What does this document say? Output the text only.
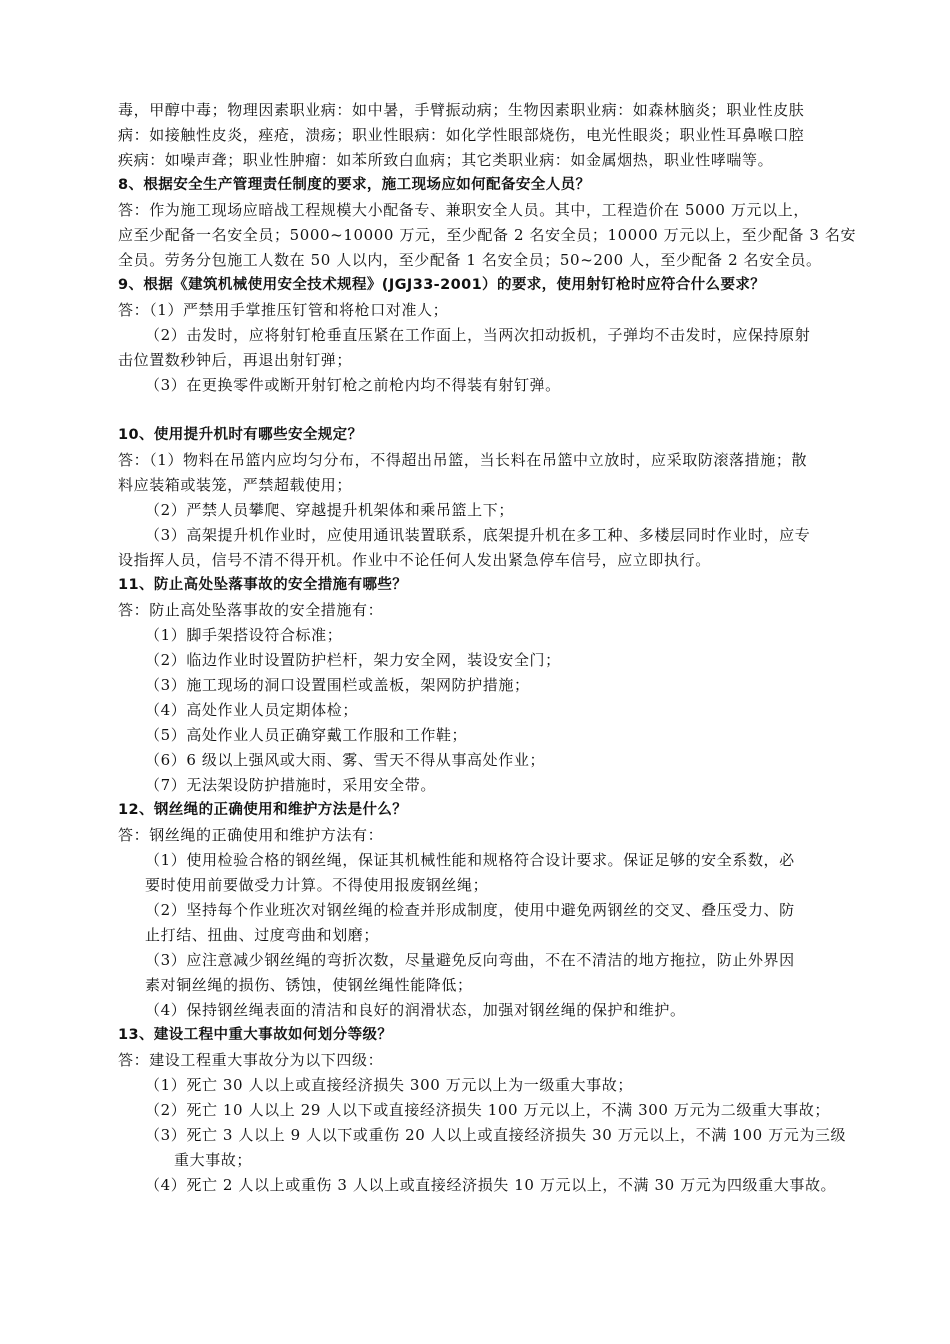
毒，甲醇中毒；物理因素职业病：如中暑，手臂振动病；生物因素职业病：如森林脑炎；职业性皮肤
病：如接触性皮炎，痤疮，溃疡；职业性眼病：如化学性眼部烧伤，电光性眼炎；职业性耳鼻喉口腔
疾病：如噪声聋；职业性肿瘤：如苯所致白血病；其它类职业病：如金属烟热，职业性哮喘等。
8、根据安全生产管理责任制度的要求，施工现场应如何配备安全人员？
答：作为施工现场应暗战工程规模大小配备专、兼职安全人员。其中，工程造价在 5000 万元以上，
应至少配备一名安全员；5000~10000 万元，至少配备 2 名安全员；10000 万元以上，至少配备 3 名安
全员。劳务分包施工人数在 50 人以内，至少配备 1 名安全员；50~200 人，至少配备 2 名安全员。
9、根据《建筑机械使用安全技术规程》(JGJ33-2001）的要求，使用射钉枪时应符合什么要求？
答：（1）严禁用手掌推压钉管和将枪口对准人；
（2）击发时，应将射钉枪垂直压紧在工作面上，当两次扣动扳机，子弹均不击发时，应保持原射
击位置数秒钟后，再退出射钉弹；
（3）在更换零件或断开射钉枪之前枪内均不得装有射钉弹。
10、使用提升机时有哪些安全规定？
答：（1）物料在吊篮内应均匀分布，不得超出吊篮，当长料在吊篮中立放时，应采取防滚落措施；散
料应装箱或装笼，严禁超载使用；
（2）严禁人员攀爬、穿越提升机架体和乘吊篮上下；
（3）高架提升机作业时，应使用通讯装置联系，底架提升机在多工种、多楼层同时作业时，应专
设指挥人员，信号不清不得开机。作业中不论任何人发出紧急停车信号，应立即执行。
11、防止高处坠落事故的安全措施有哪些？
答：防止高处坠落事故的安全措施有：
（1）脚手架搭设符合标准；
（2）临边作业时设置防护栏杆，架力安全网，装设安全门；
（3）施工现场的洞口设置围栏或盖板，架网防护措施；
（4）高处作业人员定期体检；
（5）高处作业人员正确穿戴工作服和工作鞋；
（6）6 级以上强风或大雨、雾、雪天不得从事高处作业；
（7）无法架设防护措施时，采用安全带。
12、钢丝绳的正确使用和维护方法是什么？
答：钢丝绳的正确使用和维护方法有：
（1）使用检验合格的钢丝绳，保证其机械性能和规格符合设计要求。保证足够的安全系数，必
要时使用前要做受力计算。不得使用报废钢丝绳；
（2）坚持每个作业班次对钢丝绳的检查并形成制度，使用中避免两钢丝的交叉、叠压受力、防
止打结、扭曲、过度弯曲和划磨；
（3）应注意减少钢丝绳的弯折次数，尽量避免反向弯曲，不在不清洁的地方拖拉，防止外界因
素对铜丝绳的损伤、锈蚀，使钢丝绳性能降低；
（4）保持钢丝绳表面的清洁和良好的润滑状态，加强对钢丝绳的保护和维护。
13、建设工程中重大事故如何划分等级？
答：建设工程重大事故分为以下四级：
（1）死亡 30 人以上或直接经济损失 300 万元以上为一级重大事故；
（2）死亡 10 人以上 29 人以下或直接经济损失 100 万元以上，不满 300 万元为二级重大事故；
（3）死亡 3 人以上 9 人以下或重伤 20 人以上或直接经济损失 30 万元以上，不满 100 万元为三级
重大事故；
（4）死亡 2 人以上或重伤 3 人以上或直接经济损失 10 万元以上，不满 30 万元为四级重大事故。
